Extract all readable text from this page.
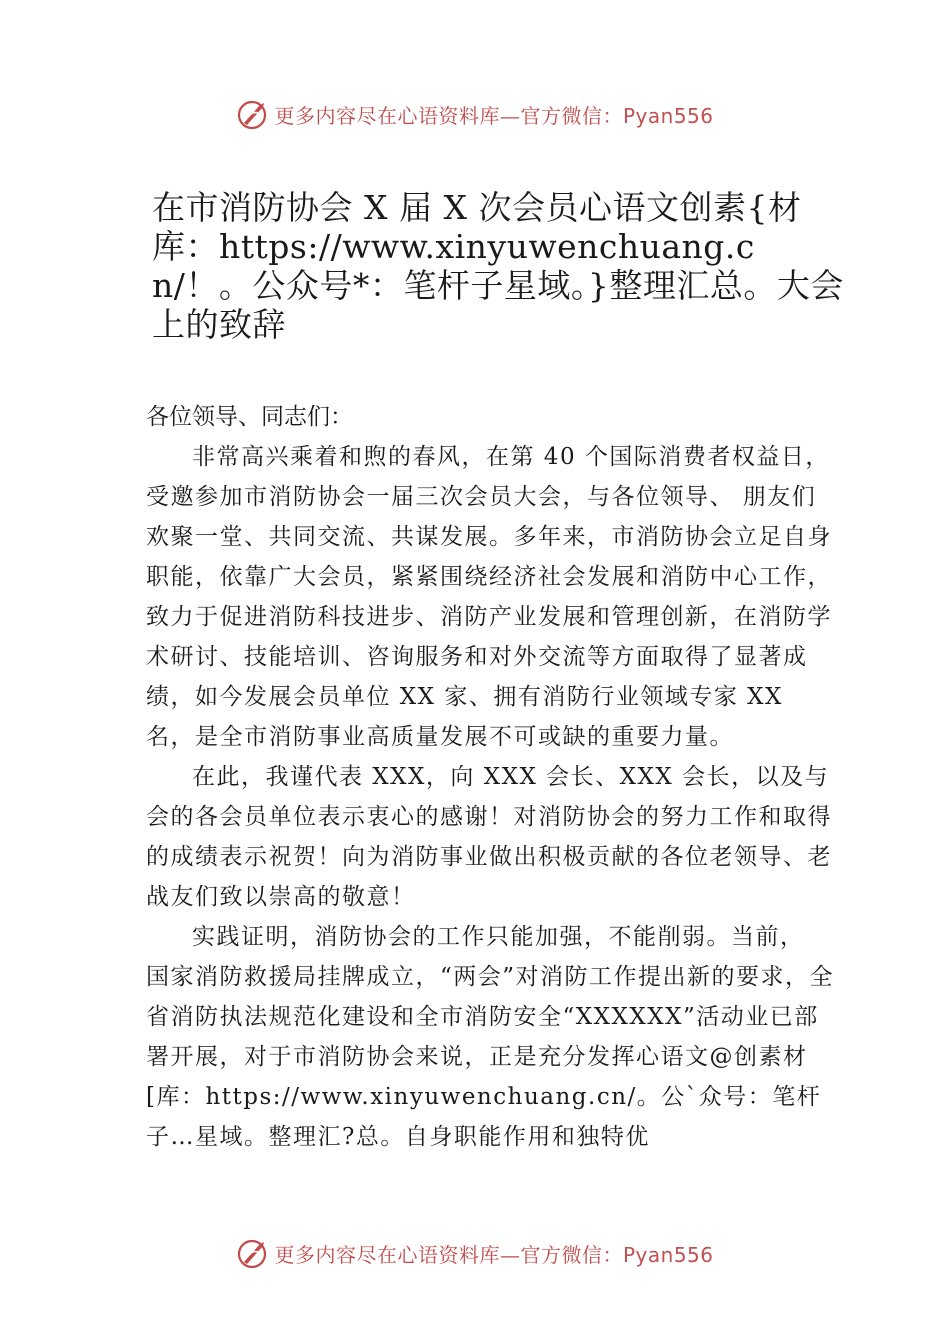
更多内容尽在心语资料库—官方微信：Pyan556
在市消防协会 X 届 X 次会员心语文创素{材库：https://www.xinyuwenchuang.cn/！。公众号*：笔杆子星域。}整理汇总。大会上的致辞

各位领导、同志们：

非常高兴乘着和煦的春风，在第 40 个国际消费者权益日，受邀参加市消防协会一届三次会员大会，与各位领导、 朋友们欢聚一堂、共同交流、共谋发展。多年来，市消防协会立足自身职能，依靠广大会员，紧紧围绕经济社会发展和消防中心工作，致力于促进消防科技进步、消防产业发展和管理创新，在消防学术研讨、技能培训、咨询服务和对外交流等方面取得了显著成绩，如今发展会员单位 XX 家、拥有消防行业领域专家 XX 名，是全市消防事业高质量发展不可或缺的重要力量。

在此，我谨代表 XXX，向 XXX 会长、XXX 会长，以及与会的各会员单位表示衷心的感谢！对消防协会的努力工作和取得的成绩表示祝贺！向为消防事业做出积极贡献的各位老领导、老战友们致以崇高的敬意！

实践证明，消防协会的工作只能加强，不能削弱。当前， 国家消防救援局挂牌成立，“两会”对消防工作提出新的要求，全省消防执法规范化建设和全市消防安全“XXXXXX”活动业已部署开展，对于市消防协会来说，正是充分发挥心语文@创素材[库：https://www.xinyuwenchuang.cn/。公`众号：笔杆子…星域。整理汇?总。自身职能作用和独特优

更多内容尽在心语资料库—官方微信：Pyan556
